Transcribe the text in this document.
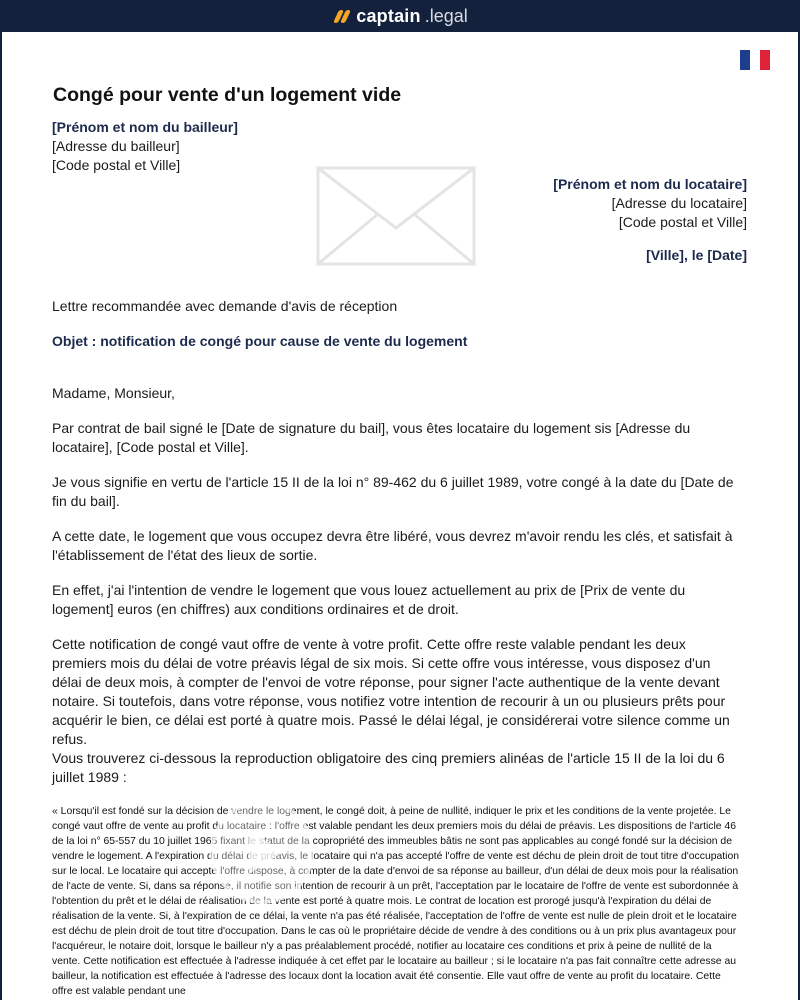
captain .legal
Congé pour vente d'un logement vide
[Prénom et nom du bailleur]
[Adresse du bailleur]
[Code postal et Ville]
[Prénom et nom du locataire]
[Adresse du locataire]
[Code postal et Ville]
[Ville], le [Date]
Lettre recommandée avec demande d'avis de réception
Objet : notification de congé pour cause de vente du logement

Madame, Monsieur,

Par contrat de bail signé le [Date de signature du bail], vous êtes locataire du logement sis [Adresse du locataire], [Code postal et Ville].

Je vous signifie en vertu de l'article 15 II de la loi n° 89-462 du 6 juillet 1989, votre congé à la date du [Date de fin du bail].

A cette date, le logement que vous occupez devra être libéré, vous devrez m'avoir rendu les clés, et satisfait à l'établissement de l'état des lieux de sortie.

En effet, j'ai l'intention de vendre le logement que vous louez actuellement au prix de [Prix de vente du logement] euros (en chiffres) aux conditions ordinaires et de droit.

Cette notification de congé vaut offre de vente à votre profit. Cette offre reste valable pendant les deux premiers mois du délai de votre préavis légal de six mois. Si cette offre vous intéresse, vous disposez d'un délai de deux mois, à compter de l'envoi de votre réponse, pour signer l'acte authentique de la vente devant notaire. Si toutefois, dans votre réponse, vous notifiez votre intention de recourir à un ou plusieurs prêts pour acquérir le bien, ce délai est porté à quatre mois. Passé le délai légal, je considérerai votre silence comme un refus.

Vous trouverez ci-dessous la reproduction obligatoire des cinq premiers alinéas de l'article 15 II de la loi du 6 juillet 1989 :

« Lorsqu'il est fondé sur la décision de vendre le logement, le congé doit, à peine de nullité, indiquer le prix et les conditions de la vente projetée. Le congé vaut offre de vente au profit du locataire : l'offre est valable pendant les deux premiers mois du délai de préavis. Les dispositions de l'article 46 de la loi n° 65-557 du 10 juillet 1965 fixant le statut de la copropriété des immeubles bâtis ne sont pas applicables au congé fondé sur la décision de vendre le logement. A l'expiration du délai de préavis, le locataire qui n'a pas accepté l'offre de vente est déchu de plein droit de tout titre d'occupation sur le local. Le locataire qui accepte l'offre dispose, à compter de la date d'envoi de sa réponse au bailleur, d'un délai de deux mois pour la réalisation de l'acte de vente. Si, dans sa réponse, il notifie son intention de recourir à un prêt, l'acceptation par le locataire de l'offre de vente est subordonnée à l'obtention du prêt et le délai de réalisation de la vente est porté à quatre mois. Le contrat de location est prorogé jusqu'à l'expiration du délai de réalisation de la vente. Si, à l'expiration de ce délai, la vente n'a pas été réalisée, l'acceptation de l'offre de vente est nulle de plein droit et le locataire est déchu de plein droit de tout titre d'occupation. Dans le cas où le propriétaire décide de vendre à des conditions ou à un prix plus avantageux pour l'acquéreur, le notaire doit, lorsque le bailleur n'y a pas préalablement procédé, notifier au locataire ces conditions et prix à peine de nullité de la vente. Cette notification est effectuée à l'adresse indiquée à cet effet par le locataire au bailleur ; si le locataire n'a pas fait connaître cette adresse au bailleur, la notification est effectuée à l'adresse des locaux dont la location avait été consentie. Elle vaut offre de vente au profit du locataire. Cette offre est valable pendant une
